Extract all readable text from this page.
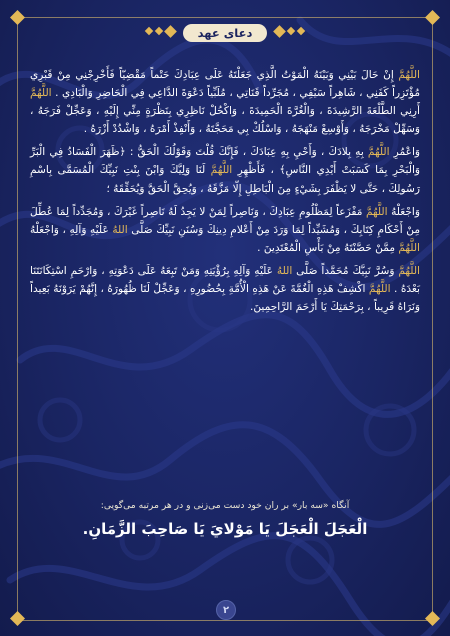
دعای عهد

اللَّهُمَّ إِنْ حَالَ بَيْنِي وَبَيْنَهُ الْمَوْتُ الَّذِي جَعَلْتَهُ عَلَى عِبَادِكَ حَتْماً مَقْضِيّاً فَأَخْرِجْنِي مِنْ قَبْرِي مُؤْتَزِراً كَفَنِي ، شَاهِراً سَيْفِي ، مُجَرِّداً قَنَاتِي ، مُلَبِّياً دَعْوَةَ الدَّاعِي فِي الْحَاضِرِ وَالْبَادِي . اللَّهُمَّ أَرِنِي الطَّلْعَةَ الرَّشِيدَةَ ، وَالْغُرَّةَ الْحَمِيدَةَ ، وَاكْحُلْ نَاظِرِي بِنَظْرَةٍ مِنِّي إِلَيْهِ ، وَعَجِّلْ فَرَجَهُ ، وَسَهِّلْ مَخْرَجَهُ ، وَأَوْسِعْ مَنْهَجَهُ ، وَاسْلُكْ بِي مَحَجَّتَهُ ، وَأَنْفِذْ أَمْرَهُ ، وَاشْدُدْ أَزْرَهُ .

وَاعْمُرِ اللَّهُمَّ بِهِ بِلادَكَ ، وَأَحْيِ بِهِ عِبَادَكَ ، فَإِنَّكَ قُلْتَ وَقَوْلُكَ الْحَقُّ : ﴿ظَهَرَ الْفَسَادُ فِي الْبَرِّ وَالْبَحْرِ بِمَا كَسَبَتْ أَيْدِي النَّاسِ﴾ ، فَأَظْهِرِ اللَّهُمَّ لَنَا وَلِيَّكَ وَابْنَ بِنْتِ نَبِيِّكَ الْمُسَمَّى بِاسْمِ رَسُولِكَ ، حَتَّى لا يَظْفَرَ بِشَيْءٍ مِنَ الْبَاطِلِ إِلّا مَزَّقَهُ ، وَيُحِقَّ الْحَقَّ وَيُحَقِّقَهُ ؛

وَاجْعَلْهُ اللَّهُمَّ مَفْزَعاً لِمَظْلُومِ عِبَادِكَ ، وَنَاصِراً لِمَنْ لا يَجِدُ لَهُ نَاصِراً غَيْرَكَ ، وَمُجَدِّداً لِمَا عُطِّلَ مِنْ أَحْكَامِ كِتَابِكَ ، وَمُشَيِّداً لِمَا وَرَدَ مِنْ أَعْلامِ دِينِكَ وَسُنَنِ نَبِيِّكَ صَلَّى اللهُ عَلَيْهِ وَآلِهِ ، وَاجْعَلْهُ اللَّهُمَّ مِمَّنْ حَصَّنْتَهُ مِنْ بَأْسِ الْمُعْتَدِينَ .

اللَّهُمَّ وَسُرَّ نَبِيَّكَ مُحَمَّداً صَلَّى اللهُ عَلَيْهِ وَآلِهِ بِرُؤْيَتِهِ وَمَنْ تَبِعَهُ عَلَى دَعْوَتِهِ ، وَارْحَمِ اسْتِكَانَتَنَا بَعْدَهُ . اللَّهُمَّ اكْشِفْ هَذِهِ الْغُمَّةَ عَنْ هَذِهِ الْأُمَّةِ بِحُضُورِهِ ، وَعَجِّلْ لَنَا ظُهُورَهُ ، إِنَّهُمْ يَرَوْنَهُ بَعِيداً وَنَرَاهُ قَرِيباً ، بِرَحْمَتِكَ يَا أَرْحَمَ الرَّاحِمِينَ.

آنگاه «سه بار» بر ران خود دست می‌زنی و در هر مرتبه می‌گویی:
الْعَجَلَ الْعَجَلَ يَا مَوْلايَ يَا صَاحِبَ الزَّمَانِ.
۲
